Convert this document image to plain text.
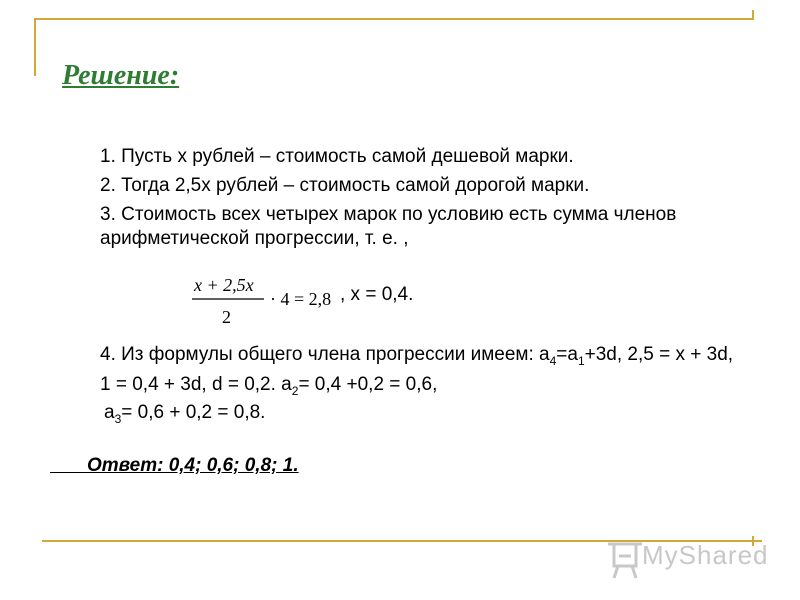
Решение:

1. Пусть х рублей – стоимость самой дешевой марки.

2. Тогда 2,5х рублей – стоимость самой дорогой марки.

3. Стоимость всех четырех марок по условию есть сумма членов арифметической прогрессии, т. е. ,

x + 2,5x
2
· 4 = 2,8 , х = 0,4.

4. Из формулы общего члена прогрессии имеем: $а_4=а_1+3d$, 2,5 = х + 3d, 1 = 0,4 + 3d, d = 0,2. $а_2= 0,4 +0,2 = 0,6$,

$а_3= 0,6 + 0,2 = 0,8$.

Ответ: 0,4; 0,6; 0,8; 1.

MyShared
